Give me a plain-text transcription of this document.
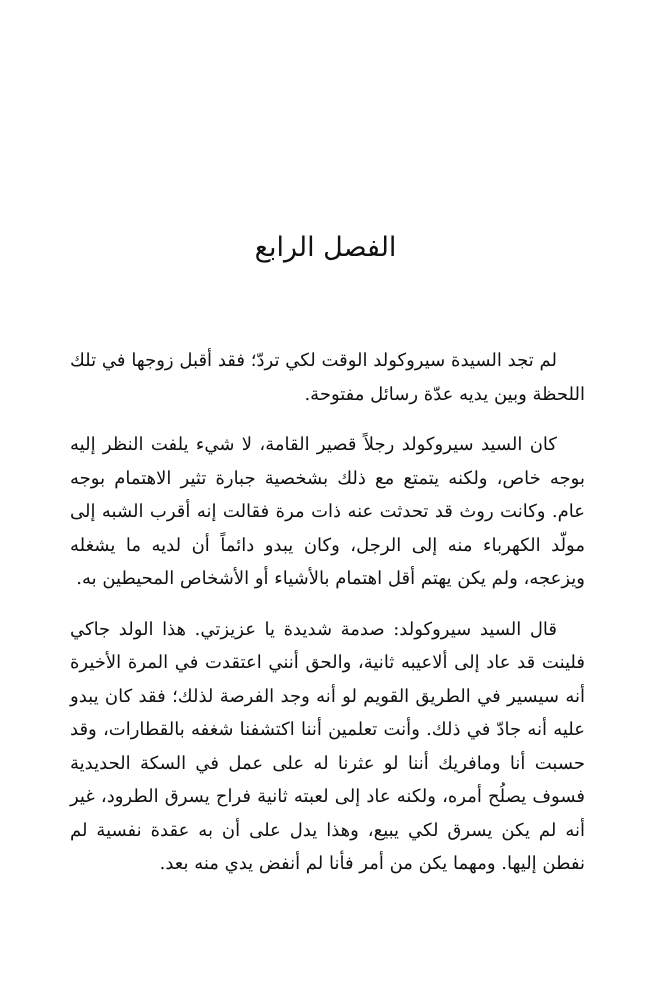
الفصل الرابع

لم تجد السيدة سيروكولد الوقت لكي تردّ؛ فقد أقبل زوجها في تلك اللحظة وبين يديه عدّة رسائل مفتوحة.

كان السيد سيروكولد رجلاً قصير القامة، لا شيء يلفت النظر إليه بوجه خاص، ولكنه يتمتع مع ذلك بشخصية جبارة تثير الاهتمام بوجه عام. وكانت روث قد تحدثت عنه ذات مرة فقالت إنه أقرب الشبه إلى مولّد الكهرباء منه إلى الرجل، وكان يبدو دائماً أن لديه ما يشغله ويزعجه، ولم يكن يهتم أقل اهتمام بالأشياء أو الأشخاص المحيطين به.

قال السيد سيروكولد: صدمة شديدة يا عزيزتي. هذا الولد جاكي فلينت قد عاد إلى ألاعيبه ثانية، والحق أنني اعتقدت في المرة الأخيرة أنه سيسير في الطريق القويم لو أنه وجد الفرصة لذلك؛ فقد كان يبدو عليه أنه جادّ في ذلك. وأنت تعلمين أننا اكتشفنا شغفه بالقطارات، وقد حسبت أنا ومافريك أننا لو عثرنا له على عمل في السكة الحديدية فسوف يصلُح أمره، ولكنه عاد إلى لعبته ثانية فراح يسرق الطرود، غير أنه لم يكن يسرق لكي يبيع، وهذا يدل على أن به عقدة نفسية لم نفطن إليها. ومهما يكن من أمر فأنا لم أنفض يدي منه بعد.
